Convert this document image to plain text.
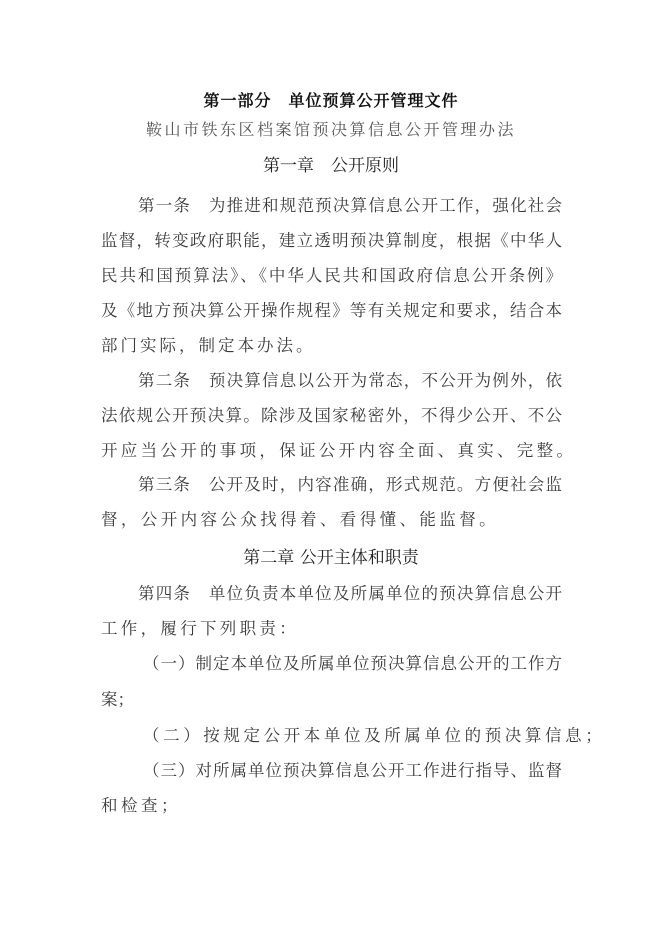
第一部分　单位预算公开管理文件
鞍山市铁东区档案馆预决算信息公开管理办法
第一章　公开原则
第一条　为推进和规范预决算信息公开工作，强化社会
监督，转变政府职能，建立透明预决算制度，根据《中华人
民共和国预算法》、《中华人民共和国政府信息公开条例》
及《地方预决算公开操作规程》等有关规定和要求，结合本
部门实际，制定本办法。
第二条　预决算信息以公开为常态，不公开为例外，依
法依规公开预决算。除涉及国家秘密外，不得少公开、不公
开应当公开的事项，保证公开内容全面、真实、完整。
第三条　公开及时，内容准确，形式规范。方便社会监
督，公开内容公众找得着、看得懂、能监督。
第二章 公开主体和职责
第四条　单位负责本单位及所属单位的预决算信息公开
工作，履行下列职责：
（一）制定本单位及所属单位预决算信息公开的工作方
案；
（二）按规定公开本单位及所属单位的预决算信息；
（三）对所属单位预决算信息公开工作进行指导、监督
和检查；
